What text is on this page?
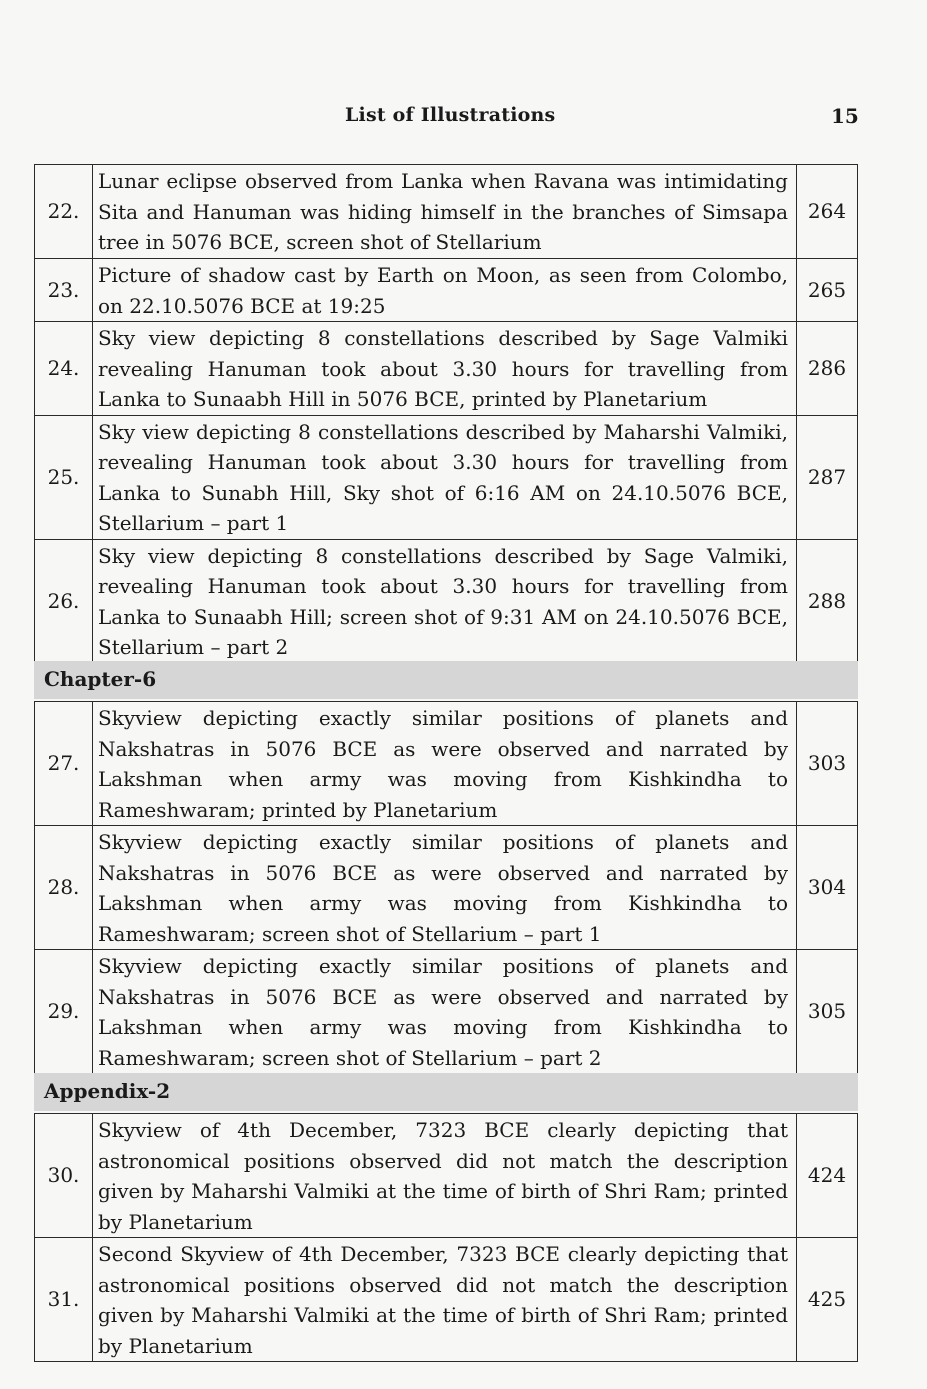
List of Illustrations	15
22.	Lunar eclipse observed from Lanka when Ravana was intimidating Sita and Hanuman was hiding himself in the branches of Simsapa tree in 5076 BCE, screen shot of Stellarium	264
23.	Picture of shadow cast by Earth on Moon, as seen from Colombo, on 22.10.5076 BCE at 19:25	265
24.	Sky view depicting 8 constellations described by Sage Valmiki revealing Hanuman took about 3.30 hours for travelling from Lanka to Sunaabh Hill in 5076 BCE, printed by Planetarium	286
25.	Sky view depicting 8 constellations described by Maharshi Valmiki, revealing Hanuman took about 3.30 hours for travelling from Lanka to Sunabh Hill, Sky shot of 6:16 AM on 24.10.5076 BCE, Stellarium – part 1	287
26.	Sky view depicting 8 constellations described by Sage Valmiki, revealing Hanuman took about 3.30 hours for travelling from Lanka to Sunaabh Hill; screen shot of 9:31 AM on 24.10.5076 BCE, Stellarium – part 2	288
Chapter-6
27.	Skyview depicting exactly similar positions of planets and Nakshatras in 5076 BCE as were observed and narrated by Lakshman when army was moving from Kishkindha to Rameshwaram; printed by Planetarium	303
28.	Skyview depicting exactly similar positions of planets and Nakshatras in 5076 BCE as were observed and narrated by Lakshman when army was moving from Kishkindha to Rameshwaram; screen shot of Stellarium – part 1	304
29.	Skyview depicting exactly similar positions of planets and Nakshatras in 5076 BCE as were observed and narrated by Lakshman when army was moving from Kishkindha to Rameshwaram; screen shot of Stellarium – part 2	305
Appendix-2
30.	Skyview of 4th December, 7323 BCE clearly depicting that astronomical positions observed did not match the description given by Maharshi Valmiki at the time of birth of Shri Ram; printed by Planetarium	424
31.	Second Skyview of 4th December, 7323 BCE clearly depicting that astronomical positions observed did not match the description given by Maharshi Valmiki at the time of birth of Shri Ram; printed by Planetarium	425
